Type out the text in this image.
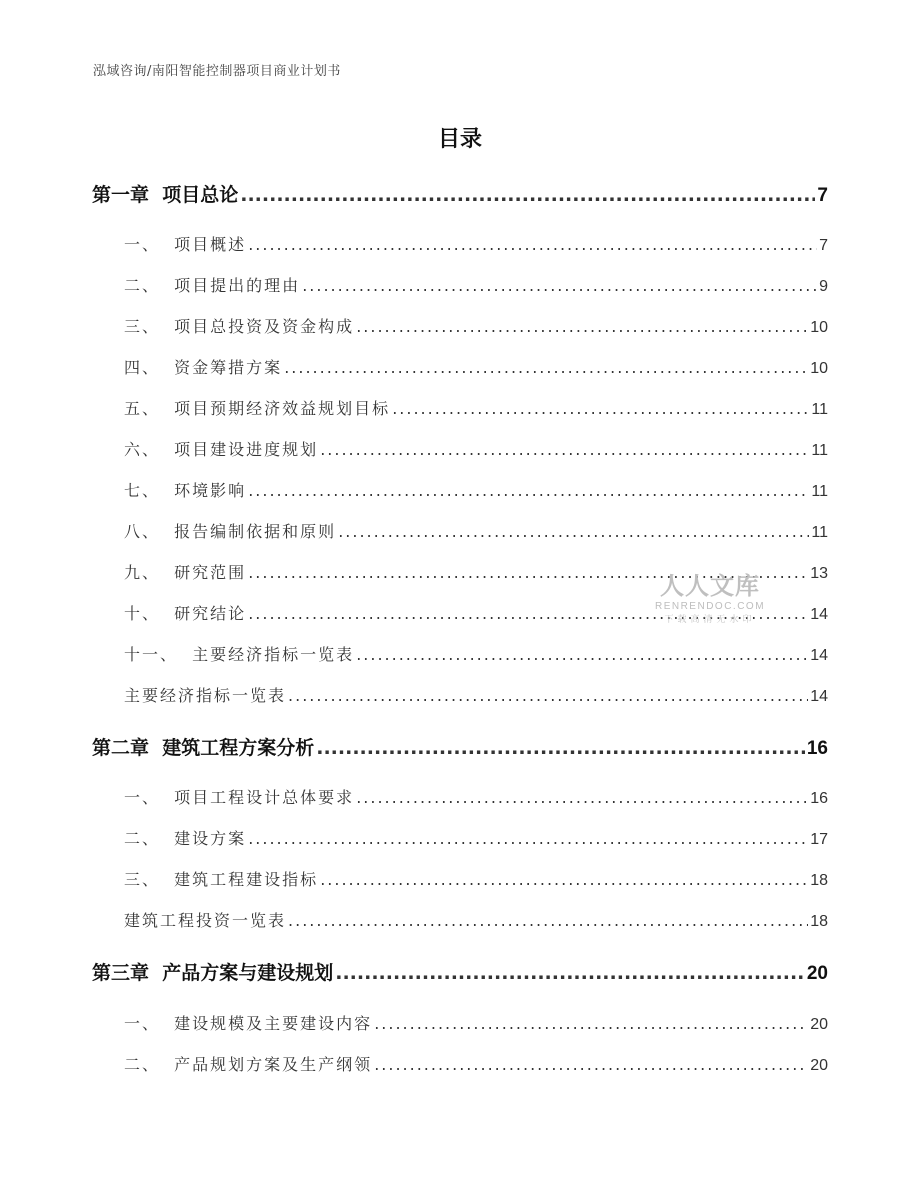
泓域咨询/南阳智能控制器项目商业计划书
目录
第一章  项目总论 .....	7
一、  项目概述 .....	7
二、  项目提出的理由 .....	9
三、  项目总投资及资金构成 .....	10
四、  资金筹措方案 .....	10
五、  项目预期经济效益规划目标 .....	11
六、  项目建设进度规划 .....	11
七、  环境影响 .....	11
八、  报告编制依据和原则 .....	11
九、  研究范围 .....	13
十、  研究结论 .....	14
十一、  主要经济指标一览表 .....	14
主要经济指标一览表 .....	14
第二章  建筑工程方案分析 .....	16
一、  项目工程设计总体要求 .....	16
二、  建设方案 .....	17
三、  建筑工程建设指标 .....	18
建筑工程投资一览表 .....	18
第三章  产品方案与建设规划 .....	20
一、  建设规模及主要建设内容 .....	20
二、  产品规划方案及生产纲领 .....	20
人人文库
RENRENDOC.COM
下载高清无水印
